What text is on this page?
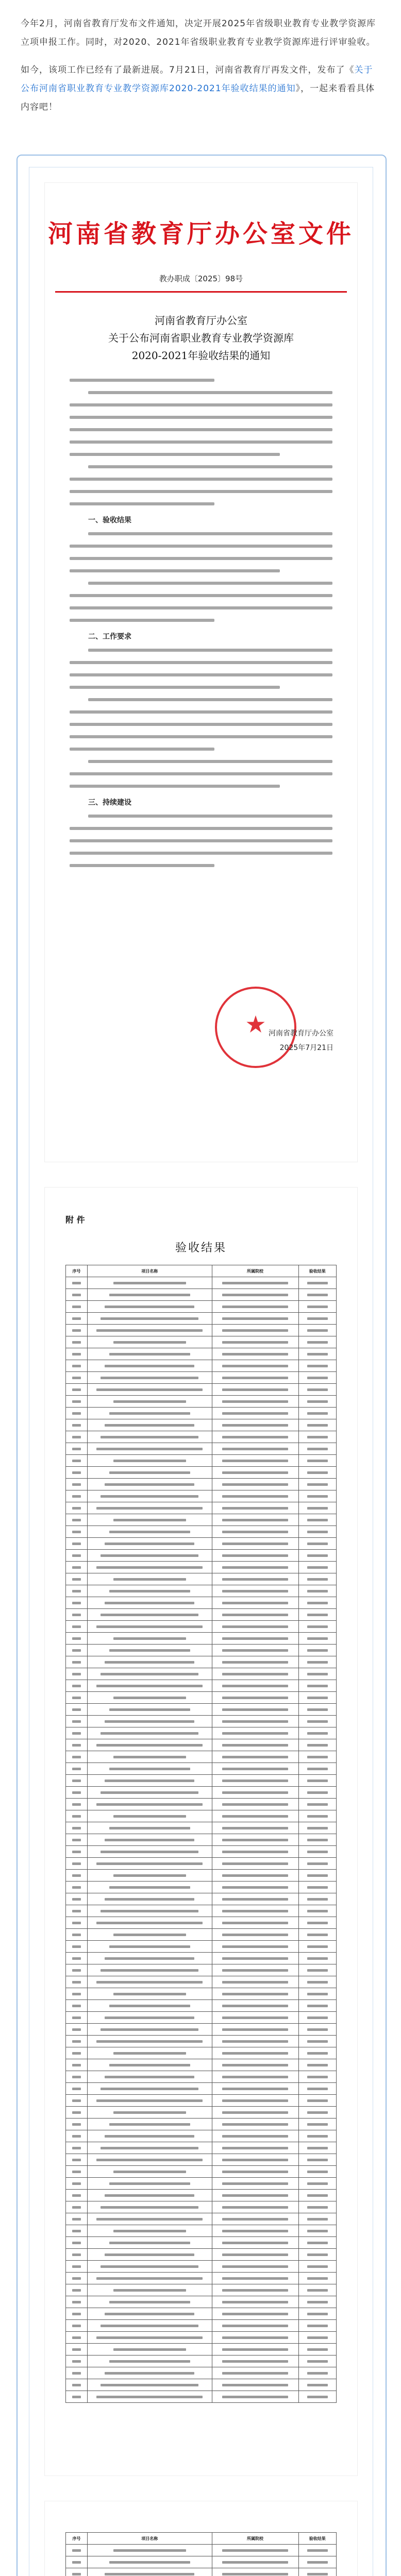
今年2月，河南省教育厅发布文件通知，决定开展2025年省级职业教育专业教学资源库立项申报工作。同时，对2020、2021年省级职业教育专业教学资源库进行评审验收。

如今，该项工作已经有了最新进展。7月21日，河南省教育厅再发文件，发布了《关于公布河南省职业教育专业教学资源库2020-2021年验收结果的通知》，一起来看看具体内容吧！

河南省教育厅办公室文件
教办职成〔2025〕98号
河南省教育厅办公室
关于公布河南省职业教育专业教学资源库
2020-2021年验收结果的通知
一、验收结果
二、工作要求
三、持续建设
★ 河南省教育厅办公室
2025年7月21日
附 件
验收结果
序号	项目名称	所属院校	验收结果

序号	项目名称	所属院校	验收结果
